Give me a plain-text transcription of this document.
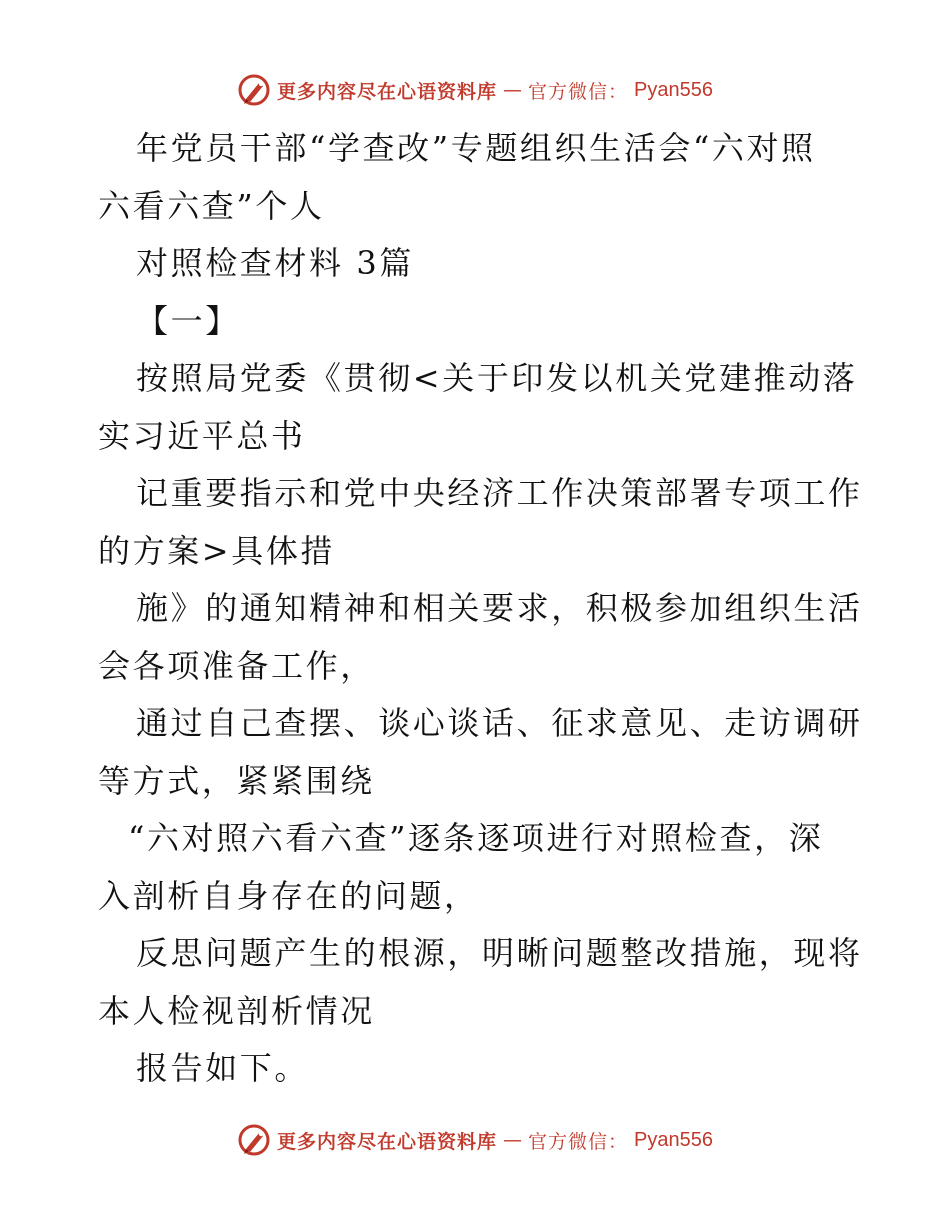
更多内容尽在心语资料库 — 官方微信： Pyan556
年党员干部“学查改”专题组织生活会“六对照
六看六查”个人
对照检查材料 3篇
【一】
按照局党委《贯彻<关于印发以机关党建推动落
实习近平总书
记重要指示和党中央经济工作决策部署专项工作
的方案>具体措
施》的通知精神和相关要求，积极参加组织生活
会各项准备工作，
通过自己查摆、谈心谈话、征求意见、走访调研
等方式，紧紧围绕
“六对照六看六查”逐条逐项进行对照检查，深
入剖析自身存在的问题，
反思问题产生的根源，明晰问题整改措施，现将
本人检视剖析情况
报告如下。
更多内容尽在心语资料库 — 官方微信： Pyan556
